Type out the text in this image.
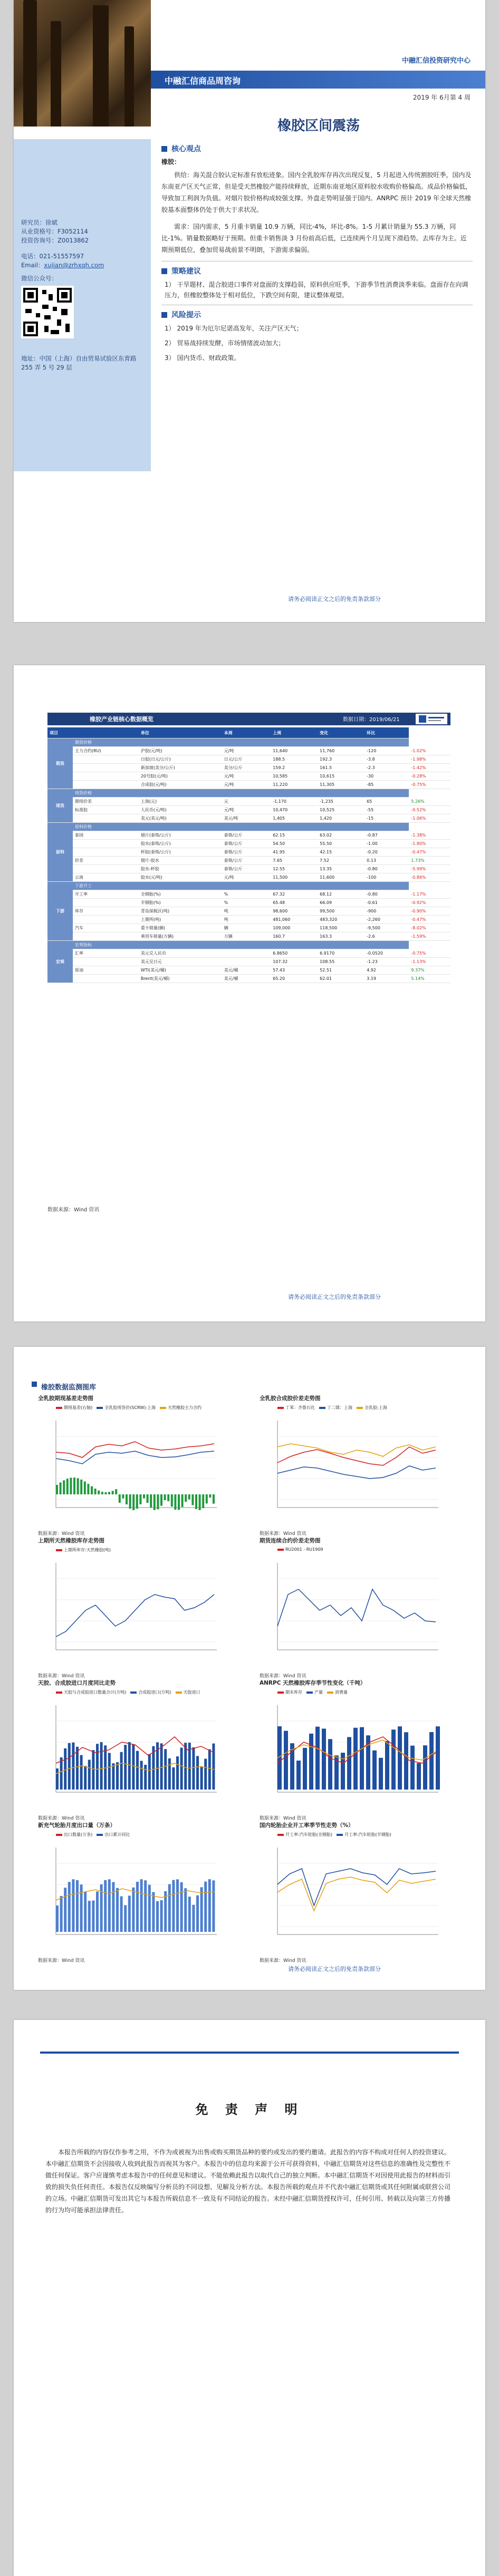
中融汇信投资研究中心
中融汇信商品周咨询
2019 年 6月第 4 周
橡胶区间震荡
研究员：徐斌
从业资格号：F3052114
投资咨询号：Z0013862
电话：021-51557597
Email：xujian@zrhxqh.com
微信公众号：
地址：中国（上海）自由贸易试验区东育路 255 弄 5 号 29 层
核心观点
橡胶：
供给：海关混合胶认定标准有放松迹象。国内全乳胶库存再次出现反复，5 月起进入传统割胶旺季，国内及东南亚产区天气正常，但是受天然橡胶产能持续释放，近期东南亚地区原料胶水收购价格偏高。成品价格偏低，导致加工利润为负值。对烟片胶价格构成较强支撑。外盘走势明显强于国内。ANRPC 预计 2019 年全球天然橡胶基本面整体仍处于供大于求状况。
需求：国内需求，5 月重卡销量 10.9 万辆，同比-4%，环比-8%。1-5 月累计销量为 55.3 万辆，同比-1%。销量数据略好于预期。但重卡销售淡 3 月份前高后低，已连续两个月呈现下滑趋势。去库存为主。近期预期低位，叠加贸易战前景不明朗，下游需求偏弱。
策略建议
1） 干旱题材、混合胶进口事件对盘面的支撑趋弱，原料供应旺季，下游季节性消费淡季来临。盘面存在向调压力，但橡胶整体处于相对低位，下跌空间有限，建议整体观望。
风险提示
1） 2019 年为厄尔尼诺高发年，关注产区天气；
2） 贸易战持续发酵，市场情绪波动加大；
3） 国内货币、财政政策。
请务必阅读正文之后的免责条款部分
橡胶产业链核心数据概览	数据日期：2019/06/21
项目		单位	本周	上周	变化	环比	
期货	期货价格						
	主力合约(RU)	沪胶(元/吨)	元/吨	11,640	11,760	-120	-1.02%
		日胶(日元/公斤)	日元/公斤	188.5	192.3	-3.8	-1.98%
		新加坡(美分/公斤)	美分/公斤	159.2	161.5	-2.3	-1.42%
		20号胶(元/吨)	元/吨	10,585	10,615	-30	-0.28%
		合成胶(元/吨)	元/吨	11,220	11,305	-85	-0.75%
现货	现货价格						
	期现价差	上海(元)	元	-1,170	-1,235	65	5.26%
	标准胶	人民币(元/吨)	元/吨	10,470	10,525	-55	-0.52%
		美元(美元/吨)	美元/吨	1,405	1,420	-15	-1.06%
原料	原料价格						
	泰国	烟片(泰铢/公斤)	泰铢/公斤	62.15	63.02	-0.87	-1.38%
		胶水(泰铢/公斤)	泰铢/公斤	54.50	55.50	-1.00	-1.80%
		杯胶(泰铢/公斤)	泰铢/公斤	41.95	42.15	-0.20	-0.47%
	价差	烟片-胶水	泰铢/公斤	7.65	7.52	0.13	1.73%
		胶水-杯胶	泰铢/公斤	12.55	13.35	-0.80	-5.99%
	云南	胶水(元/吨)	元/吨	11,500	11,600	-100	-0.86%
下游	下游开工						
	开工率	全钢胎(%)	%	67.32	68.12	-0.80	-1.17%
		半钢胎(%)	%	65.48	66.09	-0.61	-0.92%
	库存	青岛保税区(吨)	吨	98,600	99,500	-900	-0.90%
		上期所(吨)	吨	481,060	483,320	-2,260	-0.47%
	汽车	重卡销量(辆)	辆	109,000	118,500	-9,500	-8.02%
		乘用车销量(万辆)	万辆	160.7	163.3	-2.6	-1.59%
宏观	宏观指标						
	汇率	美元兑人民币		6.8650	6.9170	-0.0520	-0.75%
		美元兑日元		107.32	108.55	-1.23	-1.13%
	原油	WTI(美元/桶)	美元/桶	57.43	52.51	4.92	9.37%
		Brent(美元/桶)	美元/桶	65.20	62.01	3.19	5.14%
数据来源：Wind 资讯
请务必阅读正文之后的免责条款部分
橡胶数据监测图库
全乳胶期现基差走势图
期现基差(右轴)	全乳胶现货价(SCRW):上海	天然橡胶主力合约
数据来源：Wind 资讯
全乳胶合成胶价差走势图
丁苯：齐鲁石化	丁二烯：上海	全乳胶:上海
数据来源：Wind 资讯
上期所天然橡胶库存走势图
上期所库存:天然橡胶(吨)
数据来源：Wind 资讯
期货连续合约价差走势图
RU2001 - RU1909
数据来源：Wind 资讯
天胶、合成胶进口月度同比走势
天胶与合成胶进口数量合计(万吨)	合成胶进口(万吨)	天胶进口
数据来源：Wind 资讯
ANRPC 天然橡胶库存季节性变化（千吨）
期末库存	产量	消费量
数据来源：Wind 资讯
新充气轮胎月度出口量（万条）
出口数量(万条)	出口累计同比
数据来源：Wind 资讯
国内轮胎企业开工率季节性走势（%）
开工率:汽车轮胎(全钢胎)	开工率:汽车轮胎(半钢胎)
数据来源：Wind 资讯
请务必阅读正文之后的免责条款部分
免 责 声 明
本报告所载的内容仅作参考之用，不作为或被视为出售或购买期货品种的要约或发出的要约邀请。此报告的内容不构成对任何人的投资建议。本中融汇信期货不会因接收人收到此报告而视其为客户。本报告中的信息均来源于公开可获得资料，中融汇信期货对这些信息的准确性及完整性不做任何保证。客户应谨慎考虑本报告中的任何意见和建议。不能依赖此报告以取代自己的独立判断。本中融汇信期货不对因使用此报告的材料而引致的损失负任何责任。本报告仅反映编写分析员的不同设想、见解及分析方法。本报告所载的观点并不代表中融汇信期货或其任何附属或联营公司的立场。中融汇信期货可发出其它与本报告所载信息不一致及有不同结论的报告。未经中融汇信期货授权许可，任何引用、转载以及向第三方传播的行为均可能承担法律责任。
